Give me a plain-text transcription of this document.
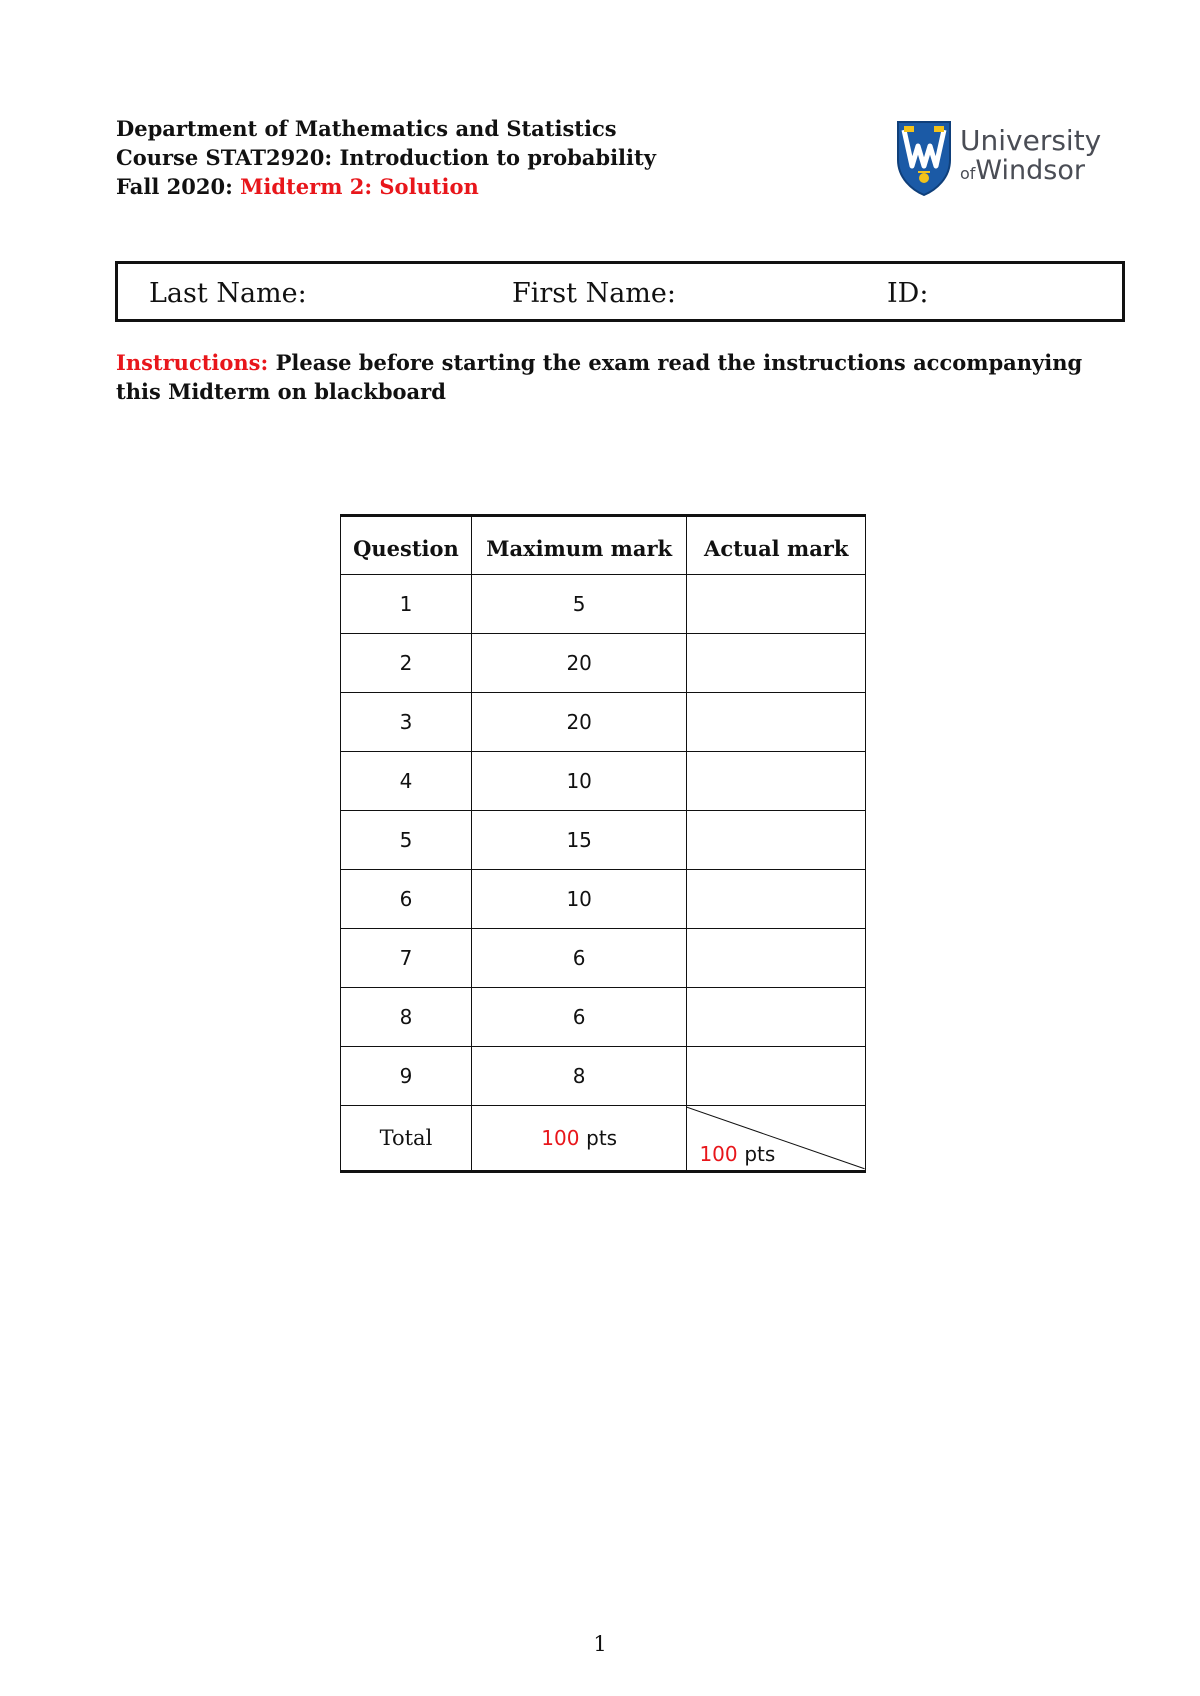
Department of Mathematics and Statistics
Course STAT2920: Introduction to probability
Fall 2020: Midterm 2: Solution
University
ofWindsor
Last Name:	First Name:	ID:
Instructions: Please before starting the exam read the instructions accompanying this Midterm on blackboard
Question	Maximum mark	Actual mark
1	5	
2	20	
3	20	
4	10	
5	15	
6	10	
7	6	
8	6	
9	8	
Total	100 pts	100 pts
1
